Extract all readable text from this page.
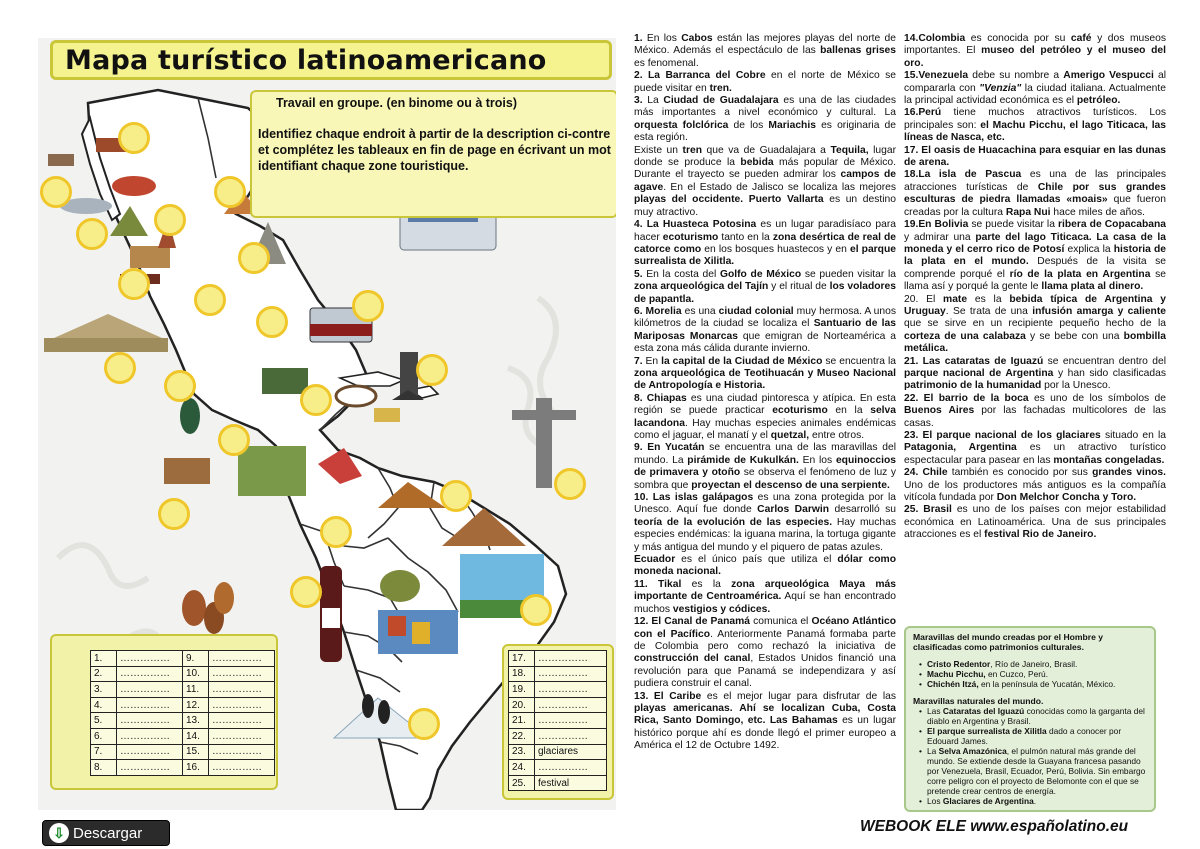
Mapa turístico latinoamericano
Travail en groupe. (en binome ou à trois)
Identifiez chaque endroit à partir de la description ci-contre et complétez les tableaux en fin de page en écrivant un mot identifiant chaque zone touristique.
1.	……………	9.	……………
2.	……………	10.	……………
3.	……………	11.	……………
4.	……………	12.	……………
5.	……………	13.	……………
6.	……………	14.	……………
7.	……………	15.	……………
8.	……………	16.	……………
17.	……………
18.	……………
19.	……………
20.	……………
21.	……………
22.	……………
23.	glaciares
24.	……………
25.	festival

1. En los Cabos están las mejores playas del norte de México. Además el espectáculo de las ballenas grises es fenomenal.

2. La Barranca del Cobre en el norte de México se puede visitar en tren.

3. La Ciudad de Guadalajara es una de las ciudades más importantes a nivel económico y cultural. La orquesta folclórica de los Mariachis es originaria de esta región.

Existe un tren que va de Guadalajara a Tequila, lugar donde se produce la bebida más popular de México. Durante el trayecto se pueden admirar los campos de agave. En el Estado de Jalisco se localiza las mejores playas del occidente. Puerto Vallarta es un destino muy atractivo.

4. La Huasteca Potosina es un lugar paradisíaco para hacer ecoturismo tanto en la zona desértica de real de catorce como en los bosques huastecos y en el parque surrealista de Xilitla.

5. En la costa del Golfo de México se pueden visitar la zona arqueológica del Tajín y el ritual de los voladores de papantla.

6. Morelia es una ciudad colonial muy hermosa. A unos kilómetros de la ciudad se localiza el Santuario de las Mariposas Monarcas que emigran de Norteamérica a esta zona más cálida durante invierno.

7. En la capital de la Ciudad de México se encuentra la zona arqueológica de Teotihuacán y Museo Nacional de Antropología e Historia.

8. Chiapas es una ciudad pintoresca y atípica. En esta región se puede practicar ecoturismo en la selva lacandona. Hay muchas especies animales endémicas como el jaguar, el manatí y el quetzal, entre otros.

9. En Yucatán se encuentra una de las maravillas del mundo. La pirámide de Kukulkán. En los equinoccios de primavera y otoño se observa el fenómeno de luz y sombra que proyectan el descenso de una serpiente.

10. Las islas galápagos es una zona protegida por la Unesco. Aquí fue donde Carlos Darwin desarrolló su teoría de la evolución de las especies. Hay muchas especies endémicas: la iguana marina, la tortuga gigante y más antigua del mundo y el piquero de patas azules.

Ecuador es el único país que utiliza el dólar como moneda nacional.

11. Tikal es la zona arqueológica Maya más importante de Centroamérica. Aquí se han encontrado muchos vestigios y códices.

12. El Canal de Panamá comunica el Océano Atlántico con el Pacífico. Anteriormente Panamá formaba parte de Colombia pero como rechazó la iniciativa de construcción del canal, Estados Unidos financió una revolución para que Panamá se independizara y así pudiera construir el canal.

13. El Caribe es el mejor lugar para disfrutar de las playas americanas. Ahí se localizan Cuba, Costa Rica, Santo Domingo, etc. Las Bahamas es un lugar histórico porque ahí es donde llegó el primer europeo a América el 12 de Octubre 1492.

14.Colombia es conocida por su café y dos museos importantes. El museo del petróleo y el museo del oro.

15.Venezuela debe su nombre a Amerigo Vespucci al compararla con "Venzia" la ciudad italiana. Actualmente la principal actividad económica es el petróleo.

16.Perú tiene muchos atractivos turísticos. Los principales son: el Machu Picchu, el lago Titicaca, las líneas de Nasca, etc.

17. El oasis de Huacachina para esquiar en las dunas de arena.

18.La isla de Pascua es una de las principales atracciones turísticas de Chile por sus grandes esculturas de piedra llamadas «moais» que fueron creadas por la cultura Rapa Nui hace miles de años.

19.En Bolivia se puede visitar la ribera de Copacabana y admirar una parte del lago Titicaca. La casa de la moneda y el cerro rico de Potosí explica la historia de la plata en el mundo. Después de la visita se comprende porqué el río de la plata en Argentina se llama así y porqué la gente le llama plata al dinero.

20. El mate es la bebida típica de Argentina y Uruguay. Se trata de una infusión amarga y caliente que se sirve en un recipiente pequeño hecho de la corteza de una calabaza y se bebe con una bombilla metálica.

21. Las cataratas de Iguazú se encuentran dentro del parque nacional de Argentina y han sido clasificadas patrimonio de la humanidad por la Unesco.

22. El barrio de la boca es uno de los símbolos de Buenos Aires por las fachadas multicolores de las casas.

23. El parque nacional de los glaciares situado en la Patagonia, Argentina es un atractivo turístico espectacular para pasear en las montañas congeladas.

24. Chile también es conocido por sus grandes vinos. Uno de los productores más antiguos es la compañía vitícola fundada por Don Melchor Concha y Toro.

25. Brasil es uno de los países con mejor estabilidad económica en Latinoamérica. Una de sus principales atracciones es el festival Rio de Janeiro.

Maravillas del mundo creadas por el Hombre y clasificadas como patrimonios culturales.
• Cristo Redentor, Río de Janeiro, Brasil.
• Machu Picchu, en Cuzco, Perú.
• Chichén Itzá, en la península de Yucatán, México.
Maravillas naturales del mundo.
• Las Cataratas del Iguazú conocidas como la garganta del diablo en Argentina y Brasil.
• El parque surrealista de Xilitla dado a conocer por Edouard James.
• La Selva Amazónica, el pulmón natural más grande del mundo. Se extiende desde la Guayana francesa pasando por Venezuela, Brasil, Ecuador, Perú, Bolivia. Sin embargo corre peligro con el proyecto de Belomonte con el que se pretende crear centros de energía.
• Los Glaciares de Argentina.
⇩ Descargar	WEBOOK ELE www.españolatino.eu
